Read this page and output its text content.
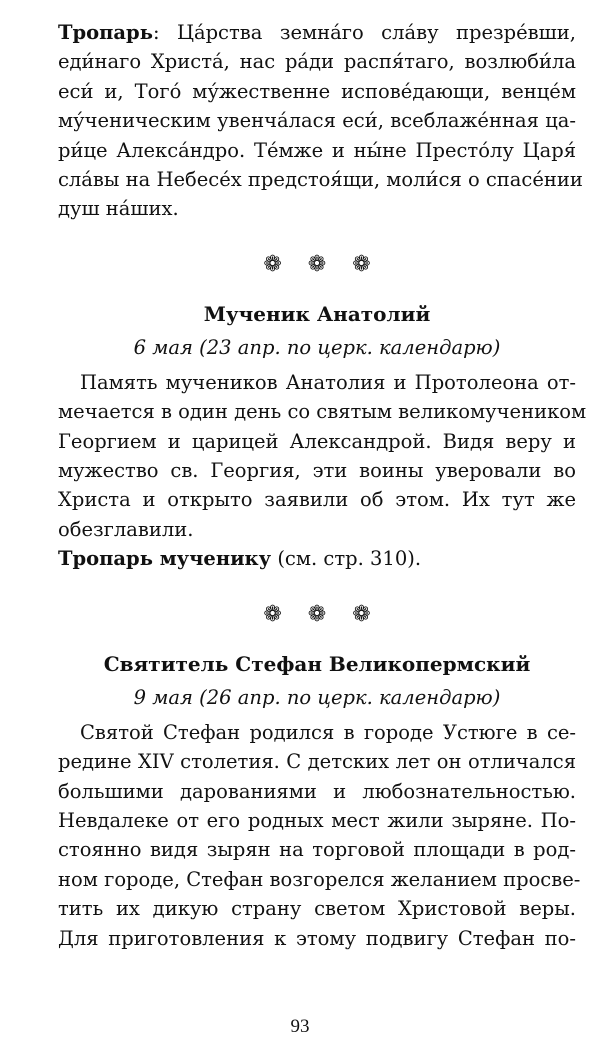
Тропарь: Ца́рства земна́го сла́ву презре́вши,
еди́наго Христа́, нас ра́ди распя́таго, возлюби́ла
еси́ и, Того́ му́жественне испове́дающи, венце́м
му́ченическим увенча́лася еси́, всеблаже́нная ца-
ри́це Алекса́ндро. Те́мже и ны́не Престо́лу Царя́
сла́вы на Небесе́х предстоя́щи, моли́ся о спасе́нии
душ на́ших.
❁❁❁
Мученик Анатолий
6 мая (23 апр. по церк. календарю)
Память мучеников Анатолия и Протолеона от-
мечается в один день со святым великомучеником
Георгием и царицей Александрой. Видя веру и
мужество св. Георгия, эти воины уверовали во
Христа и открыто заявили об этом. Их тут же
обезглавили.
Тропарь мученику (см. стр. 310).
❁❁❁
Святитель Стефан Великопермский
9 мая (26 апр. по церк. календарю)
Святой Стефан родился в городе Устюге в се-
редине XIV столетия. С детских лет он отличался
большими дарованиями и любознательностью.
Невдалеке от его родных мест жили зыряне. По-
стоянно видя зырян на торговой площади в род-
ном городе, Стефан возгорелся желанием просве-
тить их дикую страну светом Христовой веры.
Для приготовления к этому подвигу Стефан по-
93
